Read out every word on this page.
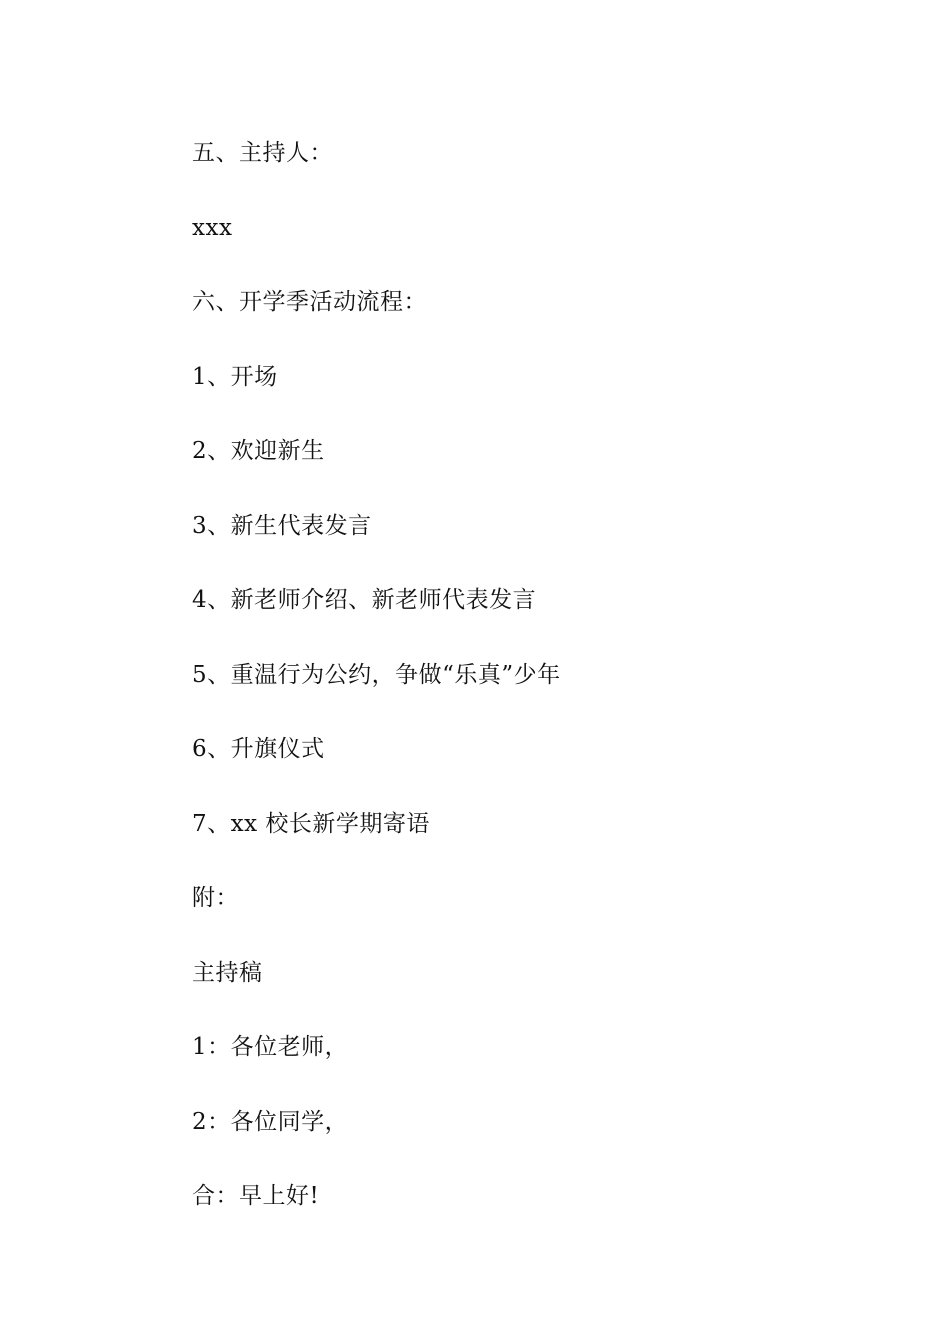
五、主持人：
xxx
六、开学季活动流程：
1、开场
2、欢迎新生
3、新生代表发言
4、新老师介绍、新老师代表发言
5、重温行为公约，争做“乐真”少年
6、升旗仪式
7、xx 校长新学期寄语
附：
主持稿
1：各位老师，
2：各位同学，
合：早上好!
